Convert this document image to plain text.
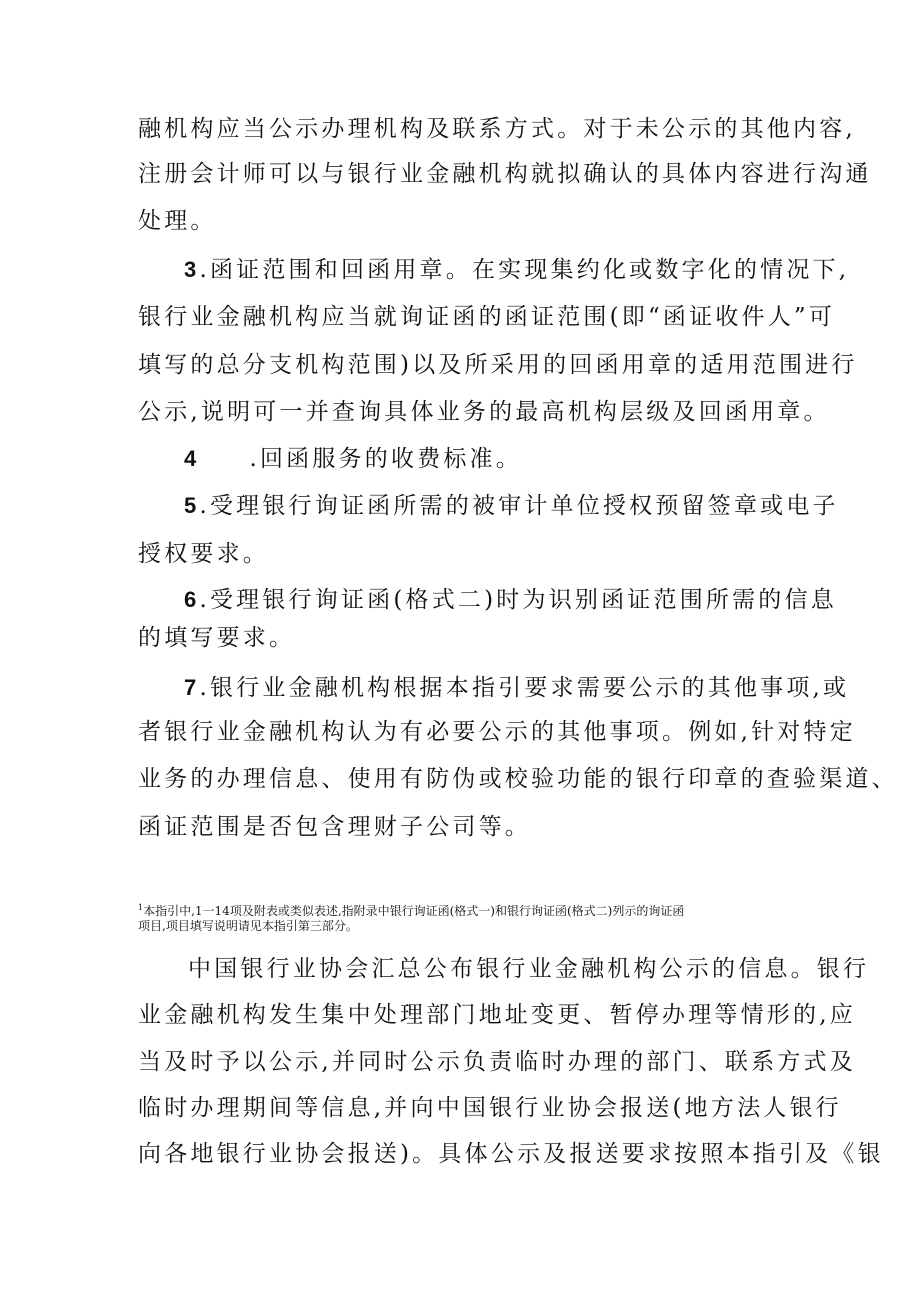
融机构应当公示办理机构及联系方式。对于未公示的其他内容,
注册会计师可以与银行业金融机构就拟确认的具体内容进行沟通
处理。
3.函证范围和回函用章。在实现集约化或数字化的情况下,
银行业金融机构应当就询证函的函证范围(即“函证收件人”可
填写的总分支机构范围)以及所采用的回函用章的适用范围进行
公示,说明可一并查询具体业务的最高机构层级及回函用章。
4 .回函服务的收费标准。
5.受理银行询证函所需的被审计单位授权预留签章或电子
授权要求。
6.受理银行询证函(格式二)时为识别函证范围所需的信息
的填写要求。
7.银行业金融机构根据本指引要求需要公示的其他事项,或
者银行业金融机构认为有必要公示的其他事项。例如,针对特定
业务的办理信息、使用有防伪或校验功能的银行印章的查验渠道、
函证范围是否包含理财子公司等。
$^1$本指引中,1一14项及附表或类似表述,指附录中银行询证函(格式一)和银行询证函(格式二)列示的询证函
项目,项目填写说明请见本指引第三部分。
中国银行业协会汇总公布银行业金融机构公示的信息。银行
业金融机构发生集中处理部门地址变更、暂停办理等情形的,应
当及时予以公示,并同时公示负责临时办理的部门、联系方式及
临时办理期间等信息,并向中国银行业协会报送(地方法人银行
向各地银行业协会报送)。具体公示及报送要求按照本指引及《银
